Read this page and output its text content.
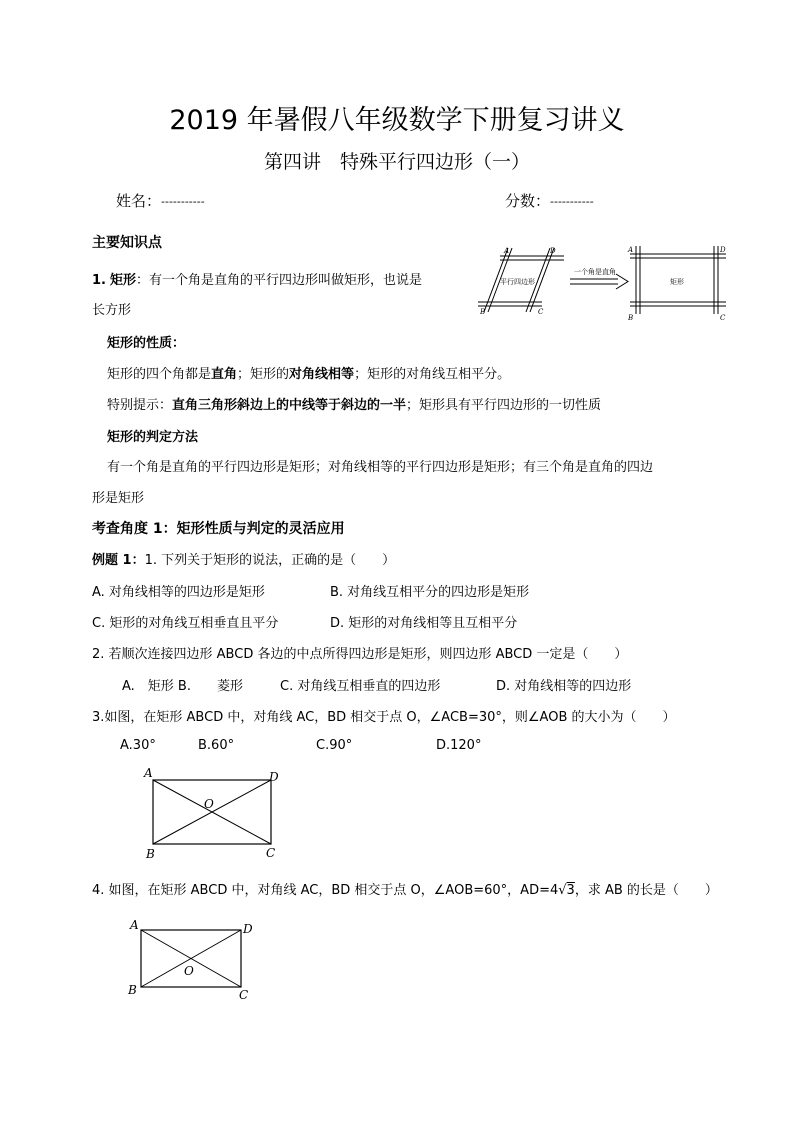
2019 年暑假八年级数学下册复习讲义
第四讲　特殊平行四边形（一）
姓名：-----------	分数：-----------
主要知识点
1. 矩形：有一个角是直角的平行四边形叫做矩形，也说是
长方形
A
B	C
D
平行四边形
一个角是直角
A
B	C
D
矩形
矩形的性质：
矩形的四个角都是直角；矩形的对角线相等；矩形的对角线互相平分。
特别提示：直角三角形斜边上的中线等于斜边的一半；矩形具有平行四边形的一切性质
矩形的判定方法
有一个角是直角的平行四边形是矩形；对角线相等的平行四边形是矩形；有三个角是直角的四边
形是矩形
考查角度 1：矩形性质与判定的灵活应用
例题 1：1. 下列关于矩形的说法，正确的是（　　）
A. 对角线相等的四边形是矩形	B. 对角线互相平分的四边形是矩形
C. 矩形的对角线互相垂直且平分	D. 矩形的对角线相等且互相平分
2. 若顺次连接四边形 ABCD 各边的中点所得四边形是矩形，则四边形 ABCD 一定是（　　）
A.　矩形 B.　　菱形	C. 对角线互相垂直的四边形	D. 对角线相等的四边形
3.如图，在矩形 ABCD 中，对角线 AC，BD 相交于点 O，∠ACB=30°，则∠AOB 的大小为（　　）
A.30°	B.60°	C.90°	D.120°
A	D
O
B	C
4. 如图，在矩形 ABCD 中，对角线 AC，BD 相交于点 O，∠AOB=60°，AD=4√3，求 AB 的长是（　　）
A	D
O
B	C
